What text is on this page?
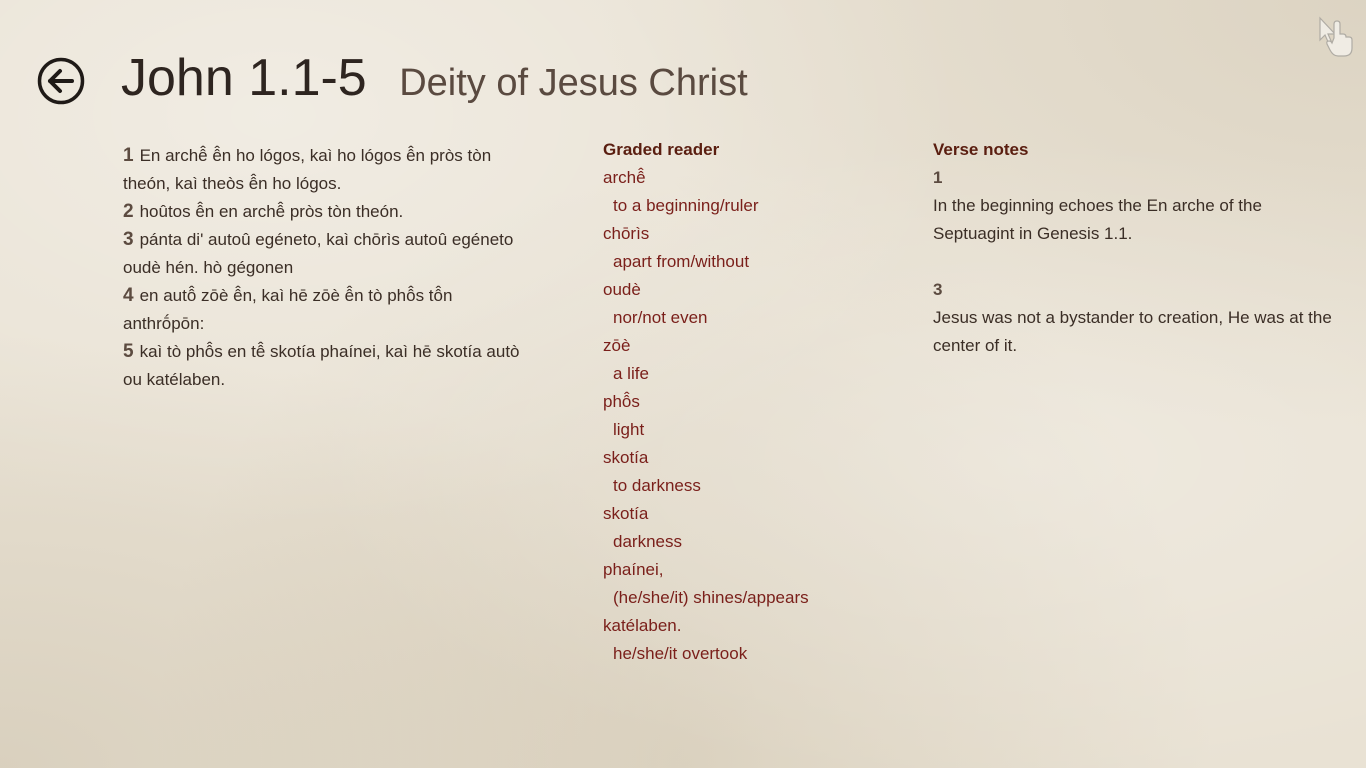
John 1.1-5 Deity of Jesus Christ
1 En archê̂ ê̂n ho lógos, kaì ho lógos ê̂n pròs tòn theón, kaì theòs ê̂n ho lógos.
2 hoûtos ê̂n en archê̂ pròs tòn theón.
3 pánta di' autoû egéneto, kaì chōrìs autoû egéneto oudè hén. hò gégonen
4 en autô̂ zōè ê̂n, kaì hē zōè ê̂n tò phô̂s tô̂n anthrṓpōn:
5 kaì tò phô̂s en tê̂ skotía phaínei, kaì hē skotía autò ou katélaben.
Graded reader
archê̂
to a beginning/ruler
chōrìs
apart from/without
oudè
nor/not even
zōè
a life
phô̂s
light
skotía
to darkness
skotía
darkness
phaínei,
(he/she/it) shines/appears
katélaben.
he/she/it overtook
Verse notes
1
In the beginning echoes the En arche of the Septuagint in Genesis 1.1.
3
Jesus was not a bystander to creation, He was at the center of it.
